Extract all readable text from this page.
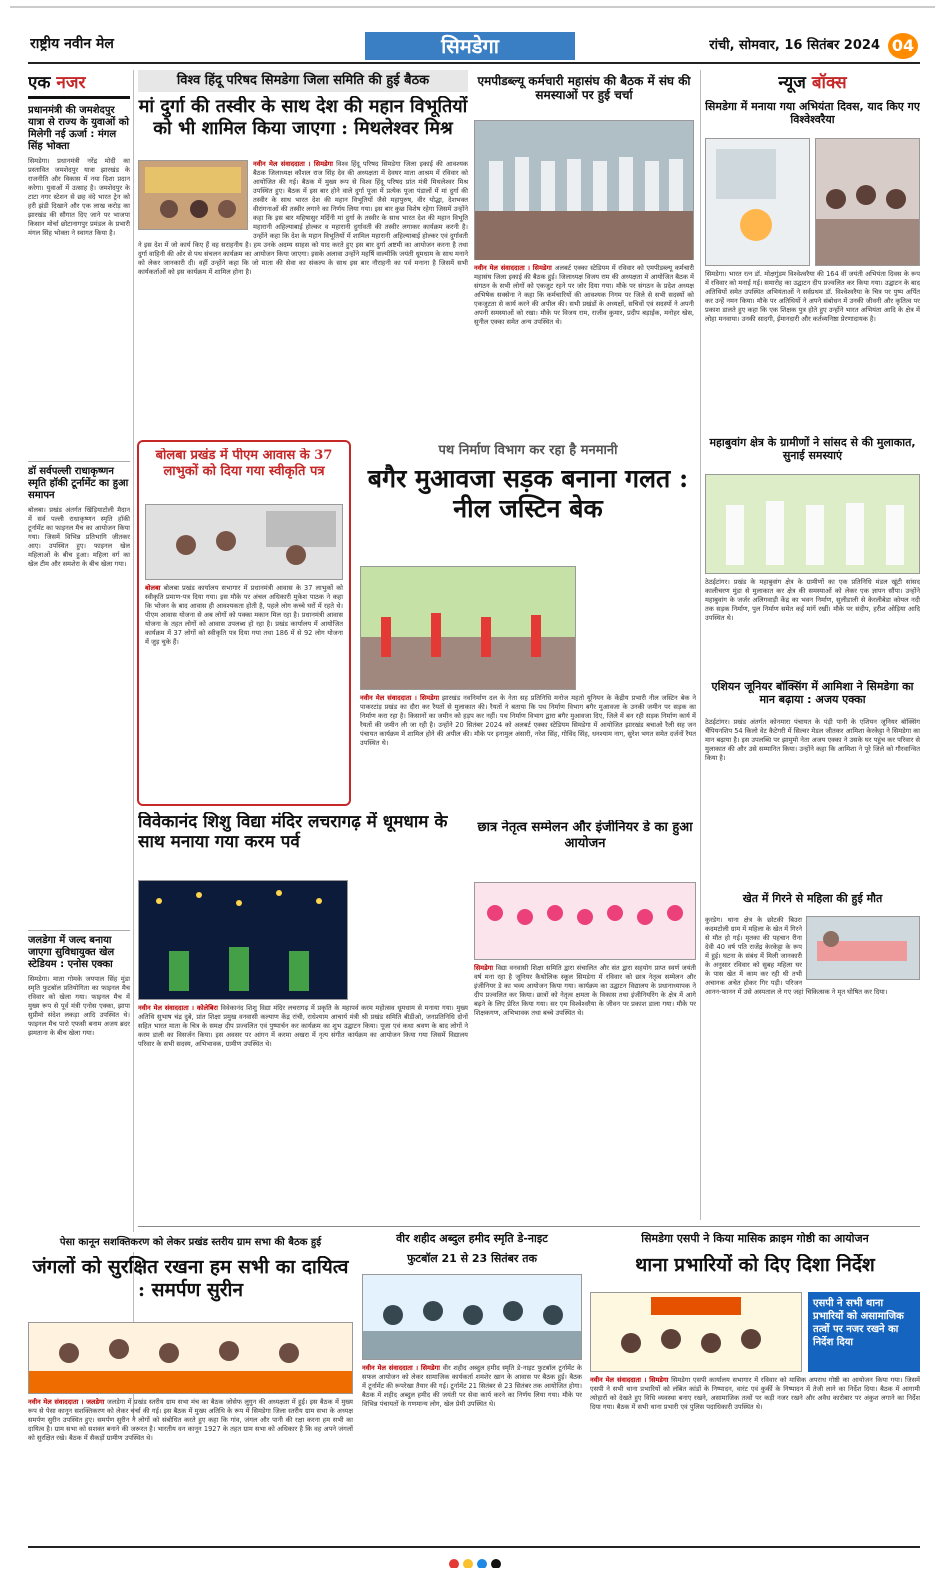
राष्ट्रीय नवीन मेल	सिमडेगा	रांची, सोमवार, 16 सितंबर 2024 04
एक नजर
प्रधानमंत्री की जमशेदपुर यात्रा से राज्य के युवाओं को मिलेगी नई ऊर्जा : मंगल सिंह भोक्ता
सिमडेगा। प्रधानमंत्री नरेंद्र मोदी का प्रस्तावित जमशेदपुर यात्रा झारखंड के राजनीति और विकास में नया दिशा प्रदान करेगा। युवाओं में उत्साह है। जमशेदपुर के टाटा नगर स्टेशन से छह वंदे भारत ट्रेन को हरी झंडी दिखाने और एक लाख करोड़ का झारखंड की सौगात दिए जाने पर भाजपा किसान मोर्चा छोटानागपुर प्रमंडल के प्रभारी मंगल सिंह भोक्ता ने स्वागत किया है।
डॉ सर्वपल्ली राधाकृष्णन स्मृति हॉकी टूर्नामेंट का हुआ समापन
बोलबा। प्रखंड अंतर्गत खिंड़ियाटोली मैदान में सर्व पल्ली राधाकृष्णन स्मृति हॉकी टूर्नामेंट का फाइनल मैच का आयोजन किया गया। जिसमें विभिन्न प्रतिभागि जीतकर आए। उपस्थित हुए। फाइनल खेल महिलाओं के बीच हुआ। महिला वर्ग का खेल टीम और समशेरा के बीच खेला गया।
जलडेगा में जल्द बनाया जाएगा सुविधायुक्त खेल स्टेडियम : एनोस एक्का
सिमडेगा। माता गोमके जयपाल सिंह मुंडा स्मृति फुटबॉल प्रतियोगिता का फाइनल मैच रविवार को खेला गया। फाइनल मैच में मुख्य रूप से पूर्व मंत्री एनोस एक्का, झापा सुप्रीमो संदेश लकड़ा आदि उपस्थित थे। फाइनल मैच पारो एफसी बनाम अजय ब्रदर झमताना के बीच खेला गया।
विश्व हिंदू परिषद सिमडेगा जिला समिति की हुई बैठक
मां दुर्गा की तस्वीर के साथ देश की महान विभूतियों को भी शामिल किया जाएगा : मिथलेश्वर मिश्र
नवीन मेल संवाददाता । सिमडेगा विश्व हिंदू परिषद सिमडेगा जिला इकाई की आवश्यक बैठक जिलाध्यक्ष कौशल राज सिंह देव की अध्यक्षता में देवघर माता आश्रम में रविवार को आयोजित की गई। बैठक में मुख्य रूप से विश्व हिंदू परिषद प्रांत मंत्री मिथलेश्वर मिश्र उपस्थित हुए। बैठक में इस बार होने वाले दुर्गा पूजा में प्रत्येक पूजा पंडालों में मां दुर्गा की तस्वीर के साथ भारत देश की महान विभूतियों जैसे महापुरुष, वीर योद्धा, देशभक्त वीरांगनाओं की तस्वीर लगाने का निर्णय लिया गया। इस बार कुछ विशेष रहेगा जिसमें उन्होंने कहा कि इस बार महिषासुर मर्दिनी मां दुर्गा के तस्वीर के साथ भारत देश की महान विभूति महारानी अहिल्याबाई होल्कर व महारानी दुर्गावती की तस्वीर लगाकर कार्यक्रम करनी है। उन्होंने कहा कि देश के महान विभूतियों में शामिल महारानी अहिल्याबाई होल्कर एवं दुर्गावती ने इस देश में जो कार्य किए हैं वह सराहनीय है। हम उनके अदम्य साहस को याद करते हुए इस बार दुर्गा अष्टमी का आयोजन करना है तथा दुर्गा वाहिनी की ओर से पथ संचलन कार्यक्रम का आयोजन किया जाएगा। इसके अलावा उन्होंने महर्षि वाल्मीकि जयंती धूमधाम के साथ मनाने को लेकर जानकारी दी। वहीं उन्होंने कहा कि जो माता की सेवा का संकल्प के साथ इस बार नौराहनी का पर्व मनाना है जिसमें सभी कार्यकर्ताओं को इस कार्यक्रम में शामिल होना है।
एमपीडब्ल्यू कर्मचारी महासंघ की बैठक में संघ की समस्याओं पर हुई चर्चा
नवीन मेल संवाददाता । सिमडेगा अलबर्ट एक्का स्टेडियम में रविवार को एमपीडब्ल्यू कर्मचारी महासंघ जिला इकाई की बैठक हुई। जिलाध्यक्ष विजय राम की अध्यक्षता में आयोजित बैठक में संगठन के सभी लोगों को एकजुट रहने पर जोर दिया गया। मौके पर संगठन के प्रदेश अध्यक्ष अभिषेक सक्सेना ने कहा कि कर्मचारियों की आवश्यक निगम पर जिले से सभी सदस्यों को एकजुटता से कार्य करने की अपील की। सभी प्रखंडों के अध्यक्षों, सचिवों एवं सदस्यों ने अपनी अपनी समस्याओं को रखा। मौके पर विजय राम, राजीव कुमार, प्रदीप बड़ाईक, मनोहर खेस, सुनील एक्का समेत अन्य उपस्थित थे।
न्यूज बॉक्स
सिमडेगा में मनाया गया अभियंता दिवस, याद किए गए विश्वेश्वरैया
सिमडेगा। भारत रत्न डॉ. मोक्षगुंडम विश्वेश्वरैया की 164 वीं जयंती अभियंता दिवस के रूप में रविवार को मनाई गई। समारोह का उद्घाटन दीप प्रज्वलित कर किया गया। उद्घाटन के बाद अतिथियों समेत उपस्थित अभियंताओं ने सर्वप्रथम डॉ. विश्वेश्वरैया के चित्र पर पुष्प अर्पित कर उन्हें नमन किया। मौके पर अतिथियों ने अपने संबोधन में उनकी जीवनी और कृतित्व पर प्रकाश डालते हुए कहा कि एक शिक्षक पुत्र होते हुए उन्होंने भारत अभियंता आदि के क्षेत्र में लोहा मनवाया। उनकी सादगी, ईमानदारी और कर्तव्यनिष्ठा प्रेरणादायक है।
महाबुवांग क्षेत्र के ग्रामीणों ने सांसद से की मुलाकात, सुनाई समस्याएं
ठेठईटांगर। प्रखंड के महाबुवांग क्षेत्र के ग्रामीणों का एक प्रतिनिधि मंडल खूंटी सांसद कालीचरण मुंडा से मुलाकात कर क्षेत्र की समस्याओं को लेकर एक ज्ञापन सौंपा। उन्होंने महाबुवांग के जर्जर अलिगवाड़ी केंद्र का भवन निर्माण, सुलीडाली से केरलीबेडा कोयल नदी तक सड़क निर्माण, पुल निर्माण समेत कई मांगें रखीं। मौके पर संदीप, हरीश ओड़िया आदि उपस्थित थे।
एशियन जूनियर बॉक्सिंग में आमिशा ने सिमडेगा का मान बढ़ाया : अजय एक्का
ठेठईटांगर। प्रखंड अंतर्गत कोनमारा पंचायत के पंड़ी पानी के एशियन जूनियर बॉक्सिंग चैंपियनशिप 54 किलो वेट कैटेगरी में सिल्वर मेडल जीतकर आमिशा केरकेट्टा ने सिमडेगा का मान बढ़ाया है। इस उपलब्धि पर झामुमो नेता अजय एक्का ने उसके घर पहुंच कर परिवार से मुलाकात की और उसे सम्मानित किया। उन्होंने कहा कि आमिशा ने पूरे जिले को गौरवान्वित किया है।
खेत में गिरने से महिला की हुई मौत
कुरडेग। थाना क्षेत्र के छोटकी बिउरा कदमटोली ग्राम में महिला के खेत में गिरने से मौत हो गई। मृतका की पहचान रीना देवी 40 वर्ष पति राजेंद्र केरकेट्टा के रूप में हुई। घटना के संबंध में मिली जानकारी के अनुसार रविवार को सुबह महिला घर के पास खेत में काम कर रही थी तभी अचानक अचेत होकर गिर पड़ी। परिजन आनन-फानन में उसे अस्पताल ले गए जहां चिकित्सक ने मृत घोषित कर दिया।
बोलबा प्रखंड में पीएम आवास के 37 लाभुकों को दिया गया स्वीकृति पत्र
बोलबा बोलबा प्रखंड कार्यालय सभागार में प्रधानमंत्री आवास के 37 लाभुकों को स्वीकृति प्रमाण-पत्र दिया गया। इस मौके पर अंचल अधिकारी मुकेश पाठक ने कहा कि भोजन के बाद आवास ही आवश्यकता होती है, पहले लोग कच्चे घरों में रहते थे। पीएम आवास योजना से अब लोगों को पक्का मकान मिल रहा है। प्रधानमंत्री आवास योजना के तहत लोगों को आवास उपलब्ध हो रहा है। प्रखंड कार्यालय में आयोजित कार्यक्रम में 37 लोगों को स्वीकृति पत्र दिया गया तथा 186 में से 92 लोग योजना में जुड़ चुके हैं।
पथ निर्माण विभाग कर रहा है मनमानी
बगैर मुआवजा सड़क बनाना गलत : नील जस्टिन बेक
नवीन मेल संवाददाता । सिमडेगा झारखंड नवनिर्माण दल के नेता सह प्रतिनिधि मनोज महतो यूनियन के केंद्रीय प्रभारी नील जस्टिन बेक ने पाकरटांड़ प्रखंड का दौरा कर रैयतों से मुलाकात की। रैयतों ने बताया कि पथ निर्माण विभाग बगैर मुआवजा के उनकी जमीन पर सड़क का निर्माण करा रहा है। किसानों का जमीन को हड़प कर नहीं। पथ निर्माण विभाग द्वारा बगैर मुआवजा दिए, जिले में बन रही सड़क निर्माण कार्य में रैयतों की जमीन ली जा रही है। उन्होंने 20 सितंबर 2024 को अलबर्ट एक्का स्टेडियम सिमडेगा में आयोजित झारखंड बचाओ रैली सह जन पंचायत कार्यक्रम में शामिल होने की अपील की। मौके पर इनामुल अंसारी, नरेश सिंह, गोविंद सिंह, धनश्याम नाग, सुरेश भगत समेत दर्जनों रैयत उपस्थित थे।
विवेकानंद शिशु विद्या मंदिर लचरागढ़ में धूमधाम के साथ मनाया गया करम पर्व
नवीन मेल संवाददाता । कोलेबिरा विवेकानंद शिशु विद्या मंदिर लचरागढ़ में प्रकृति के महापर्व करम महोत्सव धूमधाम से मनाया गया। मुख्य अतिथि सुभाष चंद्र दुबे, प्रांत शिक्षा प्रमुख वनवासी कल्याण केंद्र रांची, राधेश्याम आचार्य मंत्री श्री प्रखंड समिति बीडीओ, जनप्रतिनिधि दोनों सहित भारत माता के चित्र के समक्ष दीप प्रज्वलित एवं पुष्पार्चन कर कार्यक्रम का शुभ उद्घाटन किया। पूजा एवं कथा श्रवण के बाद लोगों ने करम डाली का विसर्जन किया। इस अवसर पर आंगन में करमा अखरा में नृत्य संगीत कार्यक्रम का आयोजन किया गया जिसमें विद्यालय परिवार के सभी सदस्य, अभिभावक, ग्रामीण उपस्थित थे।
छात्र नेतृत्व सम्मेलन और इंजीनियर डे का हुआ आयोजन
सिमडेगा विद्या वनवासी शिक्षा समिति द्वारा संचालित और संत द्वारा सहयोग प्राप्त स्वर्ण जयंती वर्ष मना रहा है जूनियर कैथोलिक स्कूल सिमडेगा में रविवार को छात्र नेतृत्व सम्मेलन और इंजीनियर डे का भव्य आयोजन किया गया। कार्यक्रम का उद्घाटन विद्यालय के प्रधानाध्यापक ने दीप प्रज्वलित कर किया। छात्रों को नेतृत्व क्षमता के विकास तथा इंजीनियरिंग के क्षेत्र में आगे बढ़ने के लिए प्रेरित किया गया। सर एम विश्वेश्वरैया के जीवन पर प्रकाश डाला गया। मौके पर शिक्षकगण, अभिभावक तथा बच्चे उपस्थित थे।
पेसा कानून सशक्तिकरण को लेकर प्रखंड स्तरीय ग्राम सभा की बैठक हुई
जंगलों को सुरक्षित रखना हम सभी का दायित्व : समर्पण सुरीन
नवीन मेल संवाददाता । जलडेगा जलडेगा में प्रखंड स्तरीय ग्राम सभा मंच का बैठक जोसेफ लुगुन की अध्यक्षता में हुई। इस बैठक में मुख्य रूप से पेसा कानून सशक्तिकरण को लेकर चर्चा की गई। इस बैठक में मुख्य अतिथि के रूप में सिमडेगा जिला स्तरीय ग्राम सभा के अध्यक्ष समर्पण सुरीन उपस्थित हुए। समर्पण सुरीन ने लोगों को संबोधित करते हुए कहा कि गांव, जंगल और पानी की रक्षा करना हम सभी का दायित्व है। ग्राम सभा को सशक्त बनाने की जरूरत है। भारतीय वन कानून 1927 के तहत ग्राम सभा को अधिकार है कि वह अपने जंगलों को सुरक्षित रखे। बैठक में सैकड़ों ग्रामीण उपस्थित थे।
वीर शहीद अब्दुल हमीद स्मृति डे-नाइट
फुटबॉल 21 से 23 सितंबर तक
नवीन मेल संवाददाता । सिमडेगा वीर शहीद अब्दुल हमीद स्मृति डे-नाइट फुटबॉल टूर्नामेंट के सफल आयोजन को लेकर सामाजिक कार्यकर्ता शमशेर खान के आवास पर बैठक हुई। बैठक में टूर्नामेंट की रूपरेखा तैयार की गई। टूर्नामेंट 21 सितंबर से 23 सितंबर तक आयोजित होगा। बैठक में शहीद अब्दुल हमीद की जयंती पर सेवा कार्य करने का निर्णय लिया गया। मौके पर विभिन्न पंचायतों के गणमान्य लोग, खेल प्रेमी उपस्थित थे।
सिमडेगा एसपी ने किया मासिक क्राइम गोष्ठी का आयोजन
थाना प्रभारियों को दिए दिशा निर्देश
एसपी ने सभी थाना प्रभारियों को असामाजिक तत्वों पर नजर रखने का निर्देश दिया
नवीन मेल संवाददाता । सिमडेगा सिमडेगा एसपी कार्यालय सभागार में रविवार को मासिक अपराध गोष्ठी का आयोजन किया गया। जिसमें एसपी ने सभी थाना प्रभारियों को लंबित कांडों के निष्पादन, वारंट एवं कुर्की के निष्पादन में तेजी लाने का निर्देश दिया। बैठक में आगामी त्योहारों को देखते हुए विधि व्यवस्था बनाए रखने, असामाजिक तत्वों पर कड़ी नजर रखने और अवैध कारोबार पर अंकुश लगाने का निर्देश दिया गया। बैठक में सभी थाना प्रभारी एवं पुलिस पदाधिकारी उपस्थित थे।
